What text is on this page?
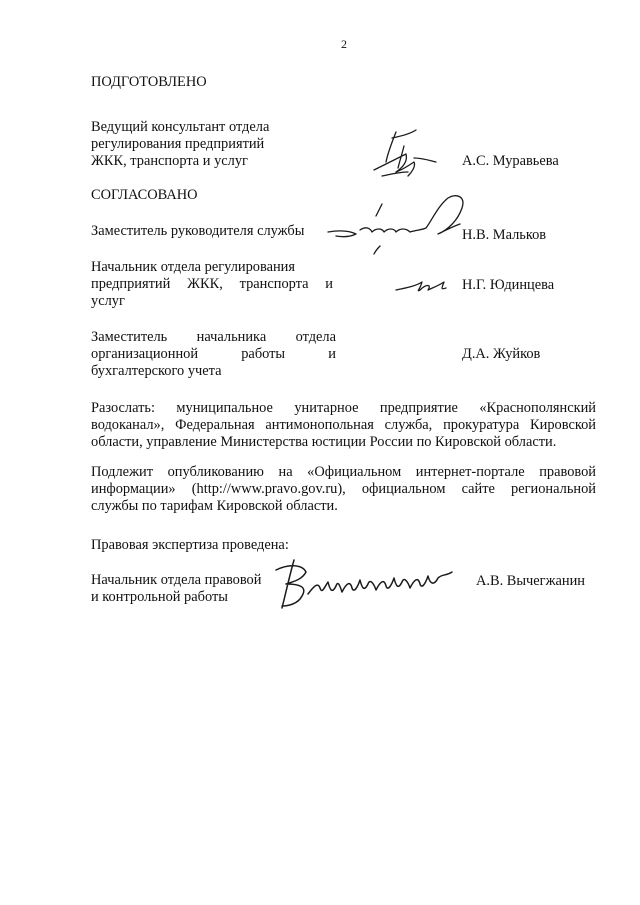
2
ПОДГОТОВЛЕНО
Ведущий консультант отдела
регулирования предприятий
ЖКК, транспорта и услуг	А.С. Муравьева
СОГЛАСОВАНО
Заместитель руководителя службы	Н.В. Мальков
Начальник отдела регулирования
предприятий ЖКК, транспорта и
услуг
Н.Г. Юдинцева
Заместитель начальника отдела
организационной работы и
бухгалтерского учета
Д.А. Жуйков
Разослать: муниципальное унитарное предприятие «Краснополянский водоканал», Федеральная антимонопольная служба, прокуратура Кировской области, управление Министерства юстиции России по Кировской области.
Подлежит опубликованию на «Официальном интернет-портале правовой информации» (http://www.pravo.gov.ru), официальном сайте региональной службы по тарифам Кировской области.
Правовая экспертиза проведена:
Начальник отдела правовой
и контрольной работы
А.В. Вычегжанин
